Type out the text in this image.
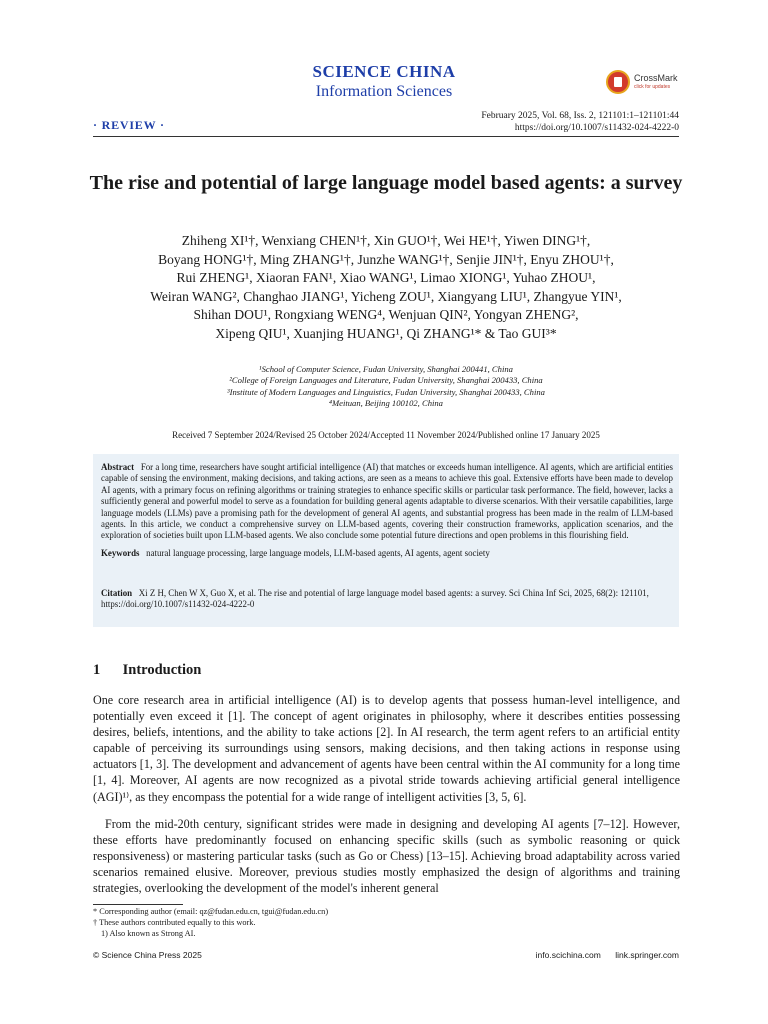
SCIENCE CHINA
Information Sciences
CrossMark
click for updates
· REVIEW ·
February 2025, Vol. 68, Iss. 2, 121101:1–121101:44
https://doi.org/10.1007/s11432-024-4222-0
The rise and potential of large language model based agents: a survey
Zhiheng XI¹†, Wenxiang CHEN¹†, Xin GUO¹†, Wei HE¹†, Yiwen DING¹†,
Boyang HONG¹†, Ming ZHANG¹†, Junzhe WANG¹†, Senjie JIN¹†, Enyu ZHOU¹†,
Rui ZHENG¹, Xiaoran FAN¹, Xiao WANG¹, Limao XIONG¹, Yuhao ZHOU¹,
Weiran WANG², Changhao JIANG¹, Yicheng ZOU¹, Xiangyang LIU¹, Zhangyue YIN¹,
Shihan DOU¹, Rongxiang WENG⁴, Wenjuan QIN², Yongyan ZHENG²,
Xipeng QIU¹, Xuanjing HUANG¹, Qi ZHANG¹* & Tao GUI³*
¹School of Computer Science, Fudan University, Shanghai 200441, China
²College of Foreign Languages and Literature, Fudan University, Shanghai 200433, China
³Institute of Modern Languages and Linguistics, Fudan University, Shanghai 200433, China
⁴Meituan, Beijing 100102, China
Received 7 September 2024/Revised 25 October 2024/Accepted 11 November 2024/Published online 17 January 2025
Abstract For a long time, researchers have sought artificial intelligence (AI) that matches or exceeds human intelligence. AI agents, which are artificial entities capable of sensing the environment, making decisions, and taking actions, are seen as a means to achieve this goal. Extensive efforts have been made to develop AI agents, with a primary focus on refining algorithms or training strategies to enhance specific skills or particular task performance. The field, however, lacks a sufficiently general and powerful model to serve as a foundation for building general agents adaptable to diverse scenarios. With their versatile capabilities, large language models (LLMs) pave a promising path for the development of general AI agents, and substantial progress has been made in the realm of LLM-based agents. In this article, we conduct a comprehensive survey on LLM-based agents, covering their construction frameworks, application scenarios, and the exploration of societies built upon LLM-based agents. We also conclude some potential future directions and open problems in this flourishing field.
Keywords natural language processing, large language models, LLM-based agents, AI agents, agent society
Citation Xi Z H, Chen W X, Guo X, et al. The rise and potential of large language model based agents: a survey. Sci China Inf Sci, 2025, 68(2): 121101, https://doi.org/10.1007/s11432-024-4222-0
1 Introduction
One core research area in artificial intelligence (AI) is to develop agents that possess human-level intelligence, and potentially even exceed it [1]. The concept of agent originates in philosophy, where it describes entities possessing desires, beliefs, intentions, and the ability to take actions [2]. In AI research, the term agent refers to an artificial entity capable of perceiving its surroundings using sensors, making decisions, and then taking actions in response using actuators [1, 3]. The development and advancement of agents have been central within the AI community for a long time [1, 4]. Moreover, AI agents are now recognized as a pivotal stride towards achieving artificial general intelligence (AGI)¹⁾, as they encompass the potential for a wide range of intelligent activities [3, 5, 6].
From the mid-20th century, significant strides were made in designing and developing AI agents [7–12]. However, these efforts have predominantly focused on enhancing specific skills (such as symbolic reasoning or quick responsiveness) or mastering particular tasks (such as Go or Chess) [13–15]. Achieving broad adaptability across varied scenarios remained elusive. Moreover, previous studies mostly emphasized the design of algorithms and training strategies, overlooking the development of the model's inherent general
* Corresponding author (email: qz@fudan.edu.cn, tgui@fudan.edu.cn)
† These authors contributed equally to this work.
1) Also known as Strong AI.
© Science China Press 2025	info.scichina.com link.springer.com
